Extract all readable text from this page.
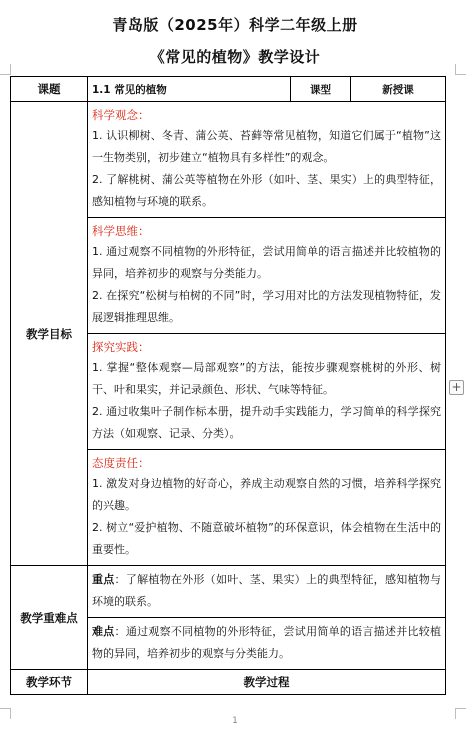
青岛版（2025年）科学二年级上册
《常见的植物》教学设计
课题	1.1 常见的植物	课型	新授课
教学目标	科学观念：
1. 认识柳树、冬青、蒲公英、苔藓等常见植物，知道它们属于“植物”这一生物类别，初步建立“植物具有多样性”的观念。
2. 了解桃树、蒲公英等植物在外形（如叶、茎、果实）上的典型特征，感知植物与环境的联系。		

	科学思维：
1. 通过观察不同植物的外形特征，尝试用简单的语言描述并比较植物的异同，培养初步的观察与分类能力。
2. 在探究“松树与柏树的不同”时，学习用对比的方法发现植物特征，发展逻辑推理思维。		

	探究实践：
1. 掌握“整体观察—局部观察”的方法，能按步骤观察桃树的外形、树干、叶和果实，并记录颜色、形状、气味等特征。
2. 通过收集叶子制作标本册，提升动手实践能力，学习简单的科学探究方法（如观察、记录、分类）。		

	态度责任：
1. 激发对身边植物的好奇心，养成主动观察自然的习惯，培养科学探究的兴趣。
2. 树立“爱护植物、不随意破坏植物”的环保意识，体会植物在生活中的重要性。		

教学重难点	重点：了解植物在外形（如叶、茎、果实）上的典型特征，感知植物与环境的联系。		

	难点：通过观察不同植物的外形特征，尝试用简单的语言描述并比较植物的异同，培养初步的观察与分类能力。		

教学环节	教学过程		
+
1
